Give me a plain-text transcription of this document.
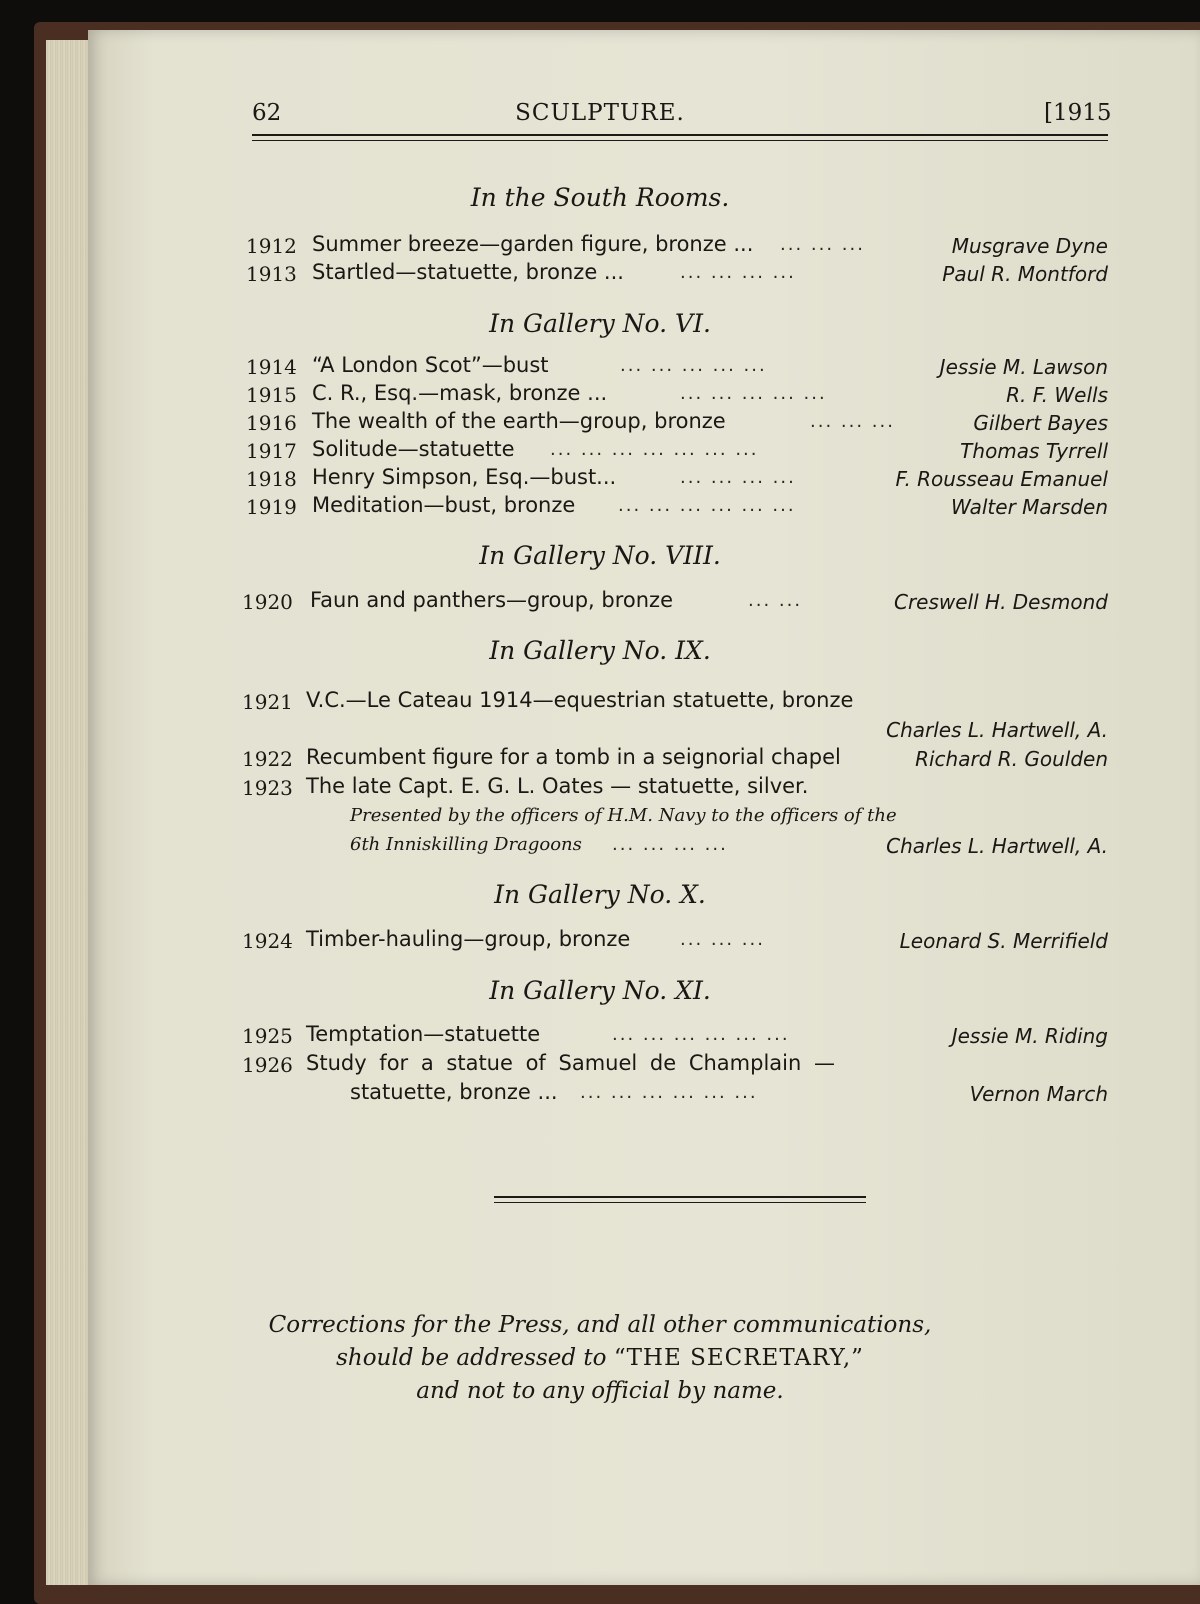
62	SCULPTURE.	[1915
In the South Rooms.
1912 Summer breeze—garden figure, bronze ... ... ... ...	Musgrave Dyne
1913 Startled—statuette, bronze ...	... ... ... ...	Paul R. Montford
In Gallery No. VI.
1914 “A London Scot”—bust	... ... ... ... ...	Jessie M. Lawson
1915 C. R., Esq.—mask, bronze ...	... ... ... ... ...	R. F. Wells
1916 The wealth of the earth—group, bronze	... ... ...	Gilbert Bayes
1917 Solitude—statuette ... ... ... ... ... ... ...	Thomas Tyrrell
1918 Henry Simpson, Esq.—bust...	... ... ... ...	F. Rousseau Emanuel
1919 Meditation—bust, bronze ... ... ... ... ... ...	Walter Marsden
In Gallery No. VIII.
1920 Faun and panthers—group, bronze	... ...	Creswell H. Desmond
In Gallery No. IX.
1921 V.C.—Le Cateau 1914—equestrian statuette, bronze
Charles L. Hartwell, A.
1922 Recumbent figure for a tomb in a seignorial chapel	Richard R. Goulden
1923 The late Capt. E. G. L. Oates — statuette, silver.
Presented by the officers of H.M. Navy to the officers of the
6th Inniskilling Dragoons ... ... ... ...	Charles L. Hartwell, A.
In Gallery No. X.
1924 Timber-hauling—group, bronze	... ... ...	Leonard S. Merrifield
In Gallery No. XI.
1925 Temptation—statuette	... ... ... ... ... ...	Jessie M. Riding
1926 Study for a statue of Samuel de Champlain —
statuette, bronze ... ... ... ... ... ... ...	Vernon March
Corrections for the Press, and all other communications,
should be addressed to “THE SECRETARY,”
and not to any official by name.
